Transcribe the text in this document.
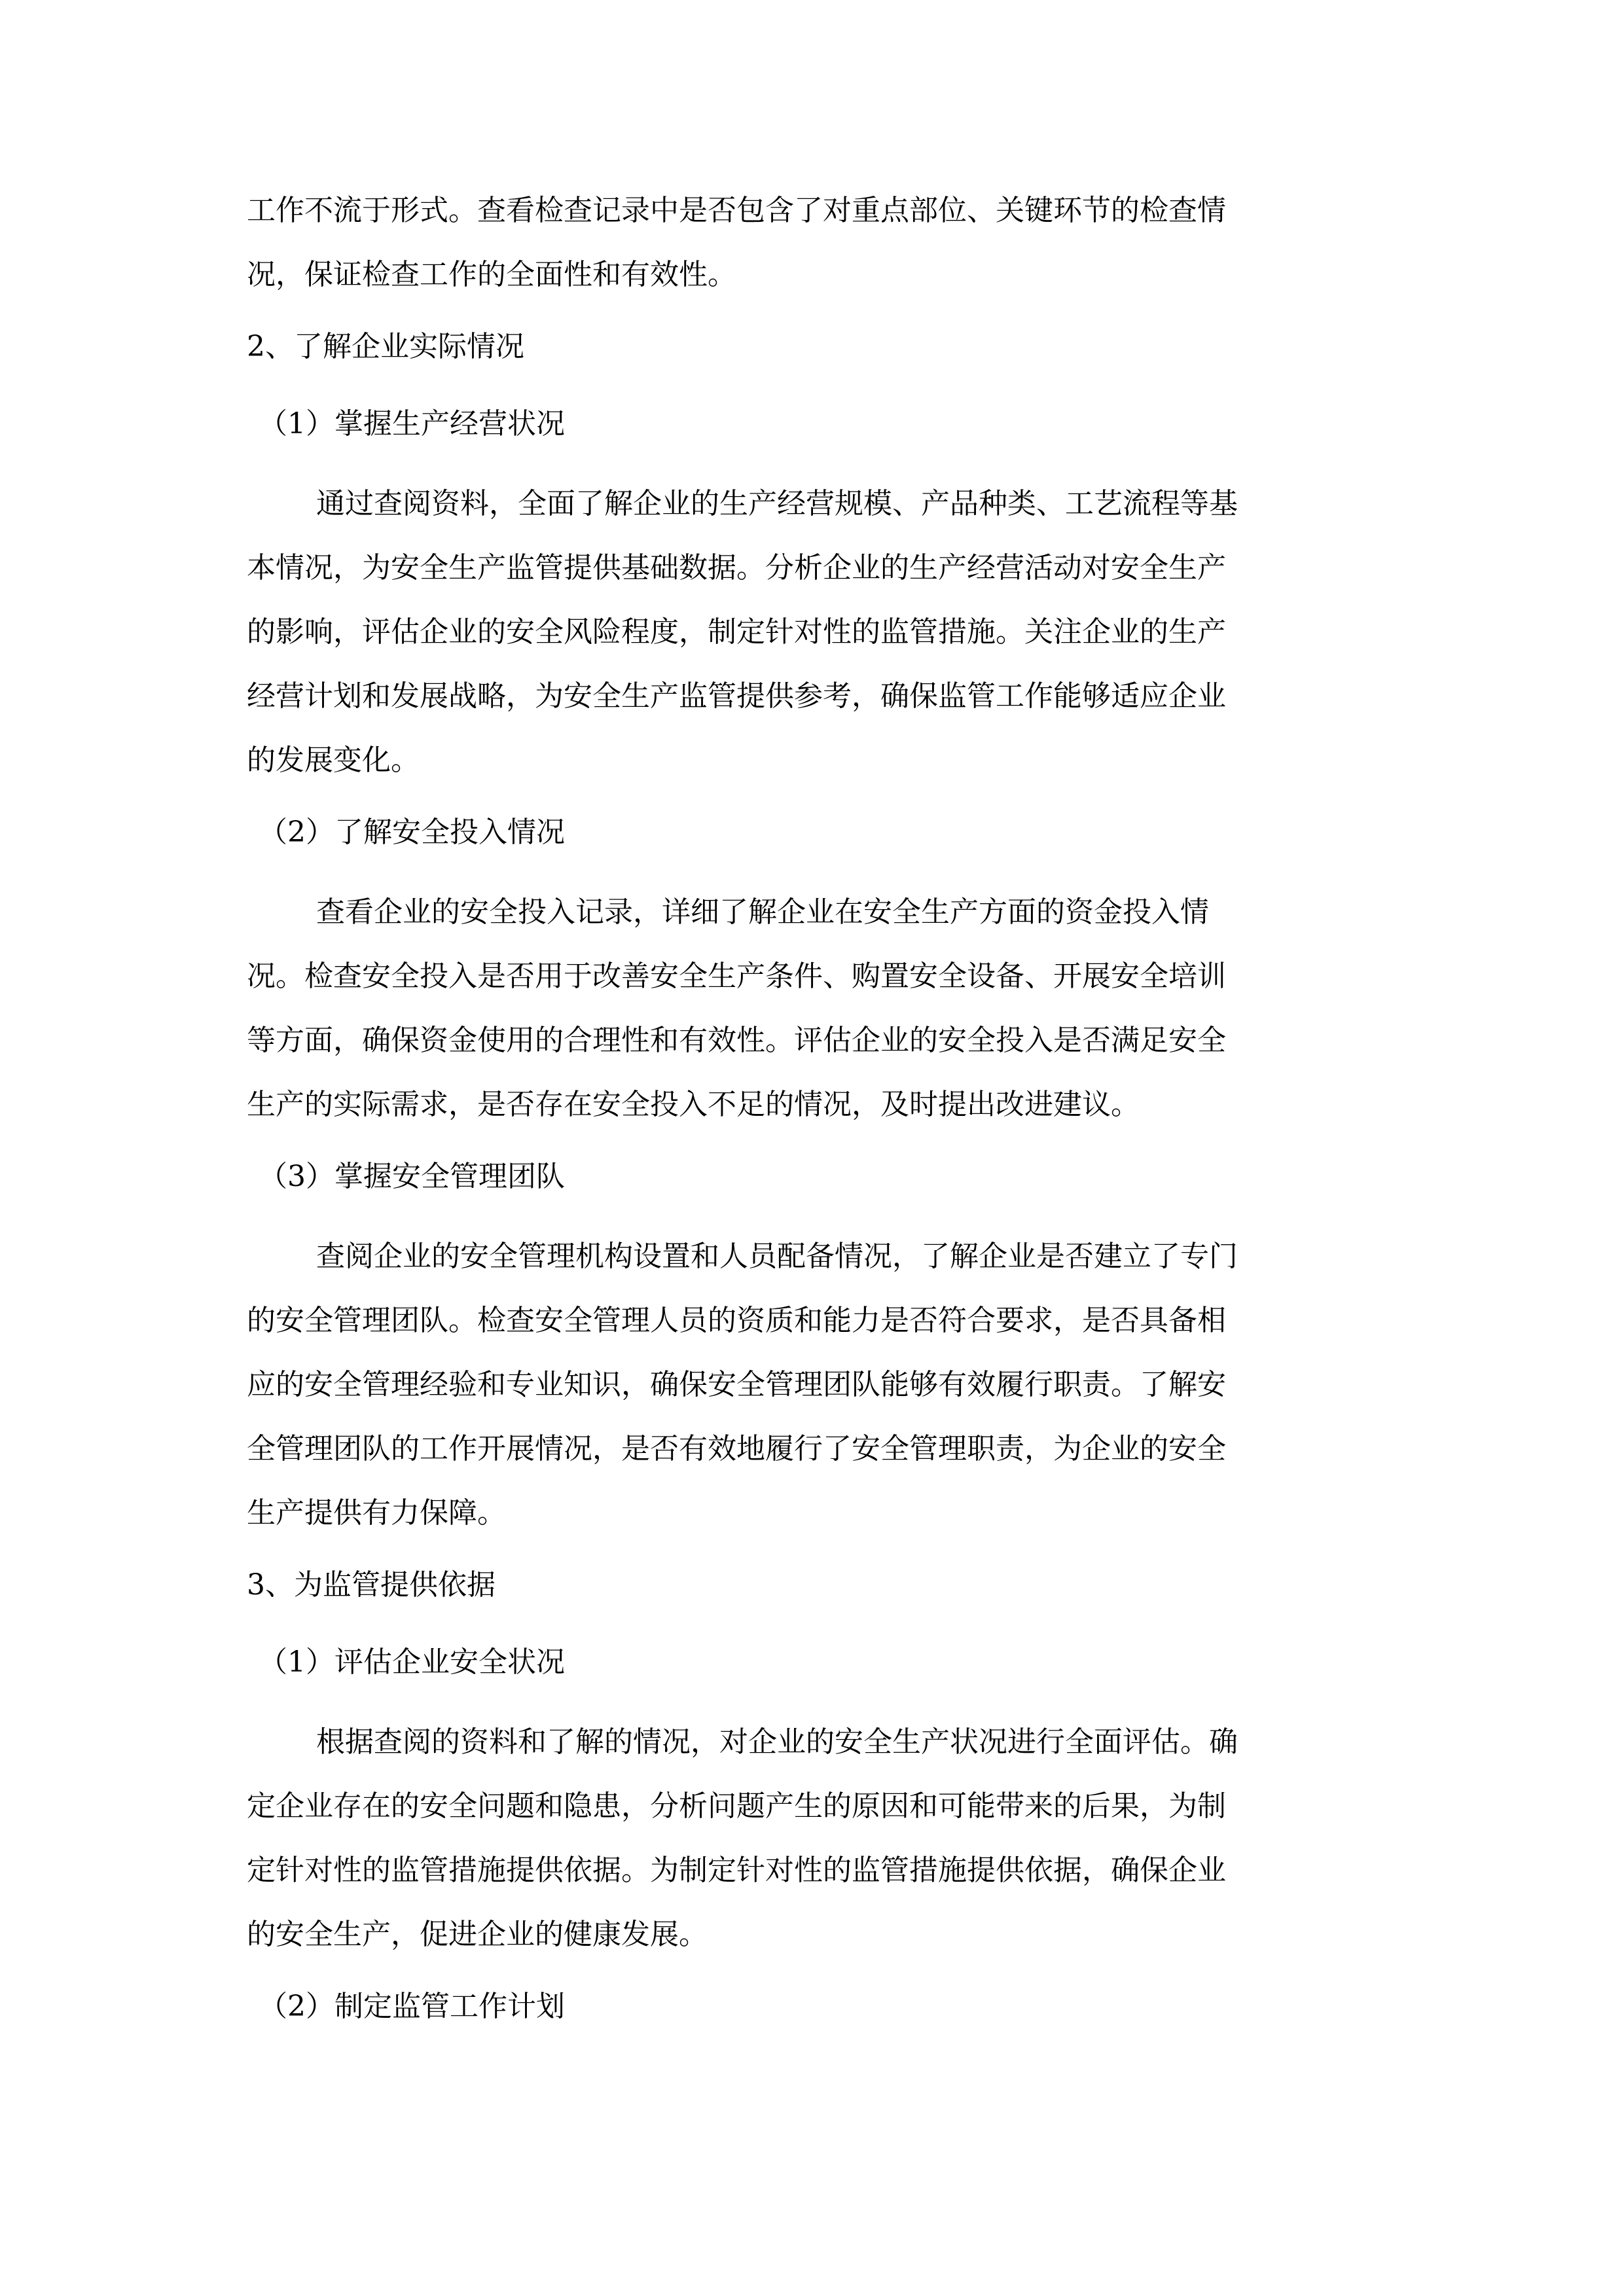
工作不流于形式。查看检查记录中是否包含了对重点部位、关键环节的检查情
况，保证检查工作的全面性和有效性。
2、了解企业实际情况
（1）掌握生产经营状况
通过查阅资料，全面了解企业的生产经营规模、产品种类、工艺流程等基
本情况，为安全生产监管提供基础数据。分析企业的生产经营活动对安全生产
的影响，评估企业的安全风险程度，制定针对性的监管措施。关注企业的生产
经营计划和发展战略，为安全生产监管提供参考，确保监管工作能够适应企业
的发展变化。
（2）了解安全投入情况
查看企业的安全投入记录，详细了解企业在安全生产方面的资金投入情
况。检查安全投入是否用于改善安全生产条件、购置安全设备、开展安全培训
等方面，确保资金使用的合理性和有效性。评估企业的安全投入是否满足安全
生产的实际需求，是否存在安全投入不足的情况，及时提出改进建议。
（3）掌握安全管理团队
查阅企业的安全管理机构设置和人员配备情况，了解企业是否建立了专门
的安全管理团队。检查安全管理人员的资质和能力是否符合要求，是否具备相
应的安全管理经验和专业知识，确保安全管理团队能够有效履行职责。了解安
全管理团队的工作开展情况，是否有效地履行了安全管理职责，为企业的安全
生产提供有力保障。
3、为监管提供依据
（1）评估企业安全状况
根据查阅的资料和了解的情况，对企业的安全生产状况进行全面评估。确
定企业存在的安全问题和隐患，分析问题产生的原因和可能带来的后果，为制
定针对性的监管措施提供依据。为制定针对性的监管措施提供依据，确保企业
的安全生产，促进企业的健康发展。
（2）制定监管工作计划
